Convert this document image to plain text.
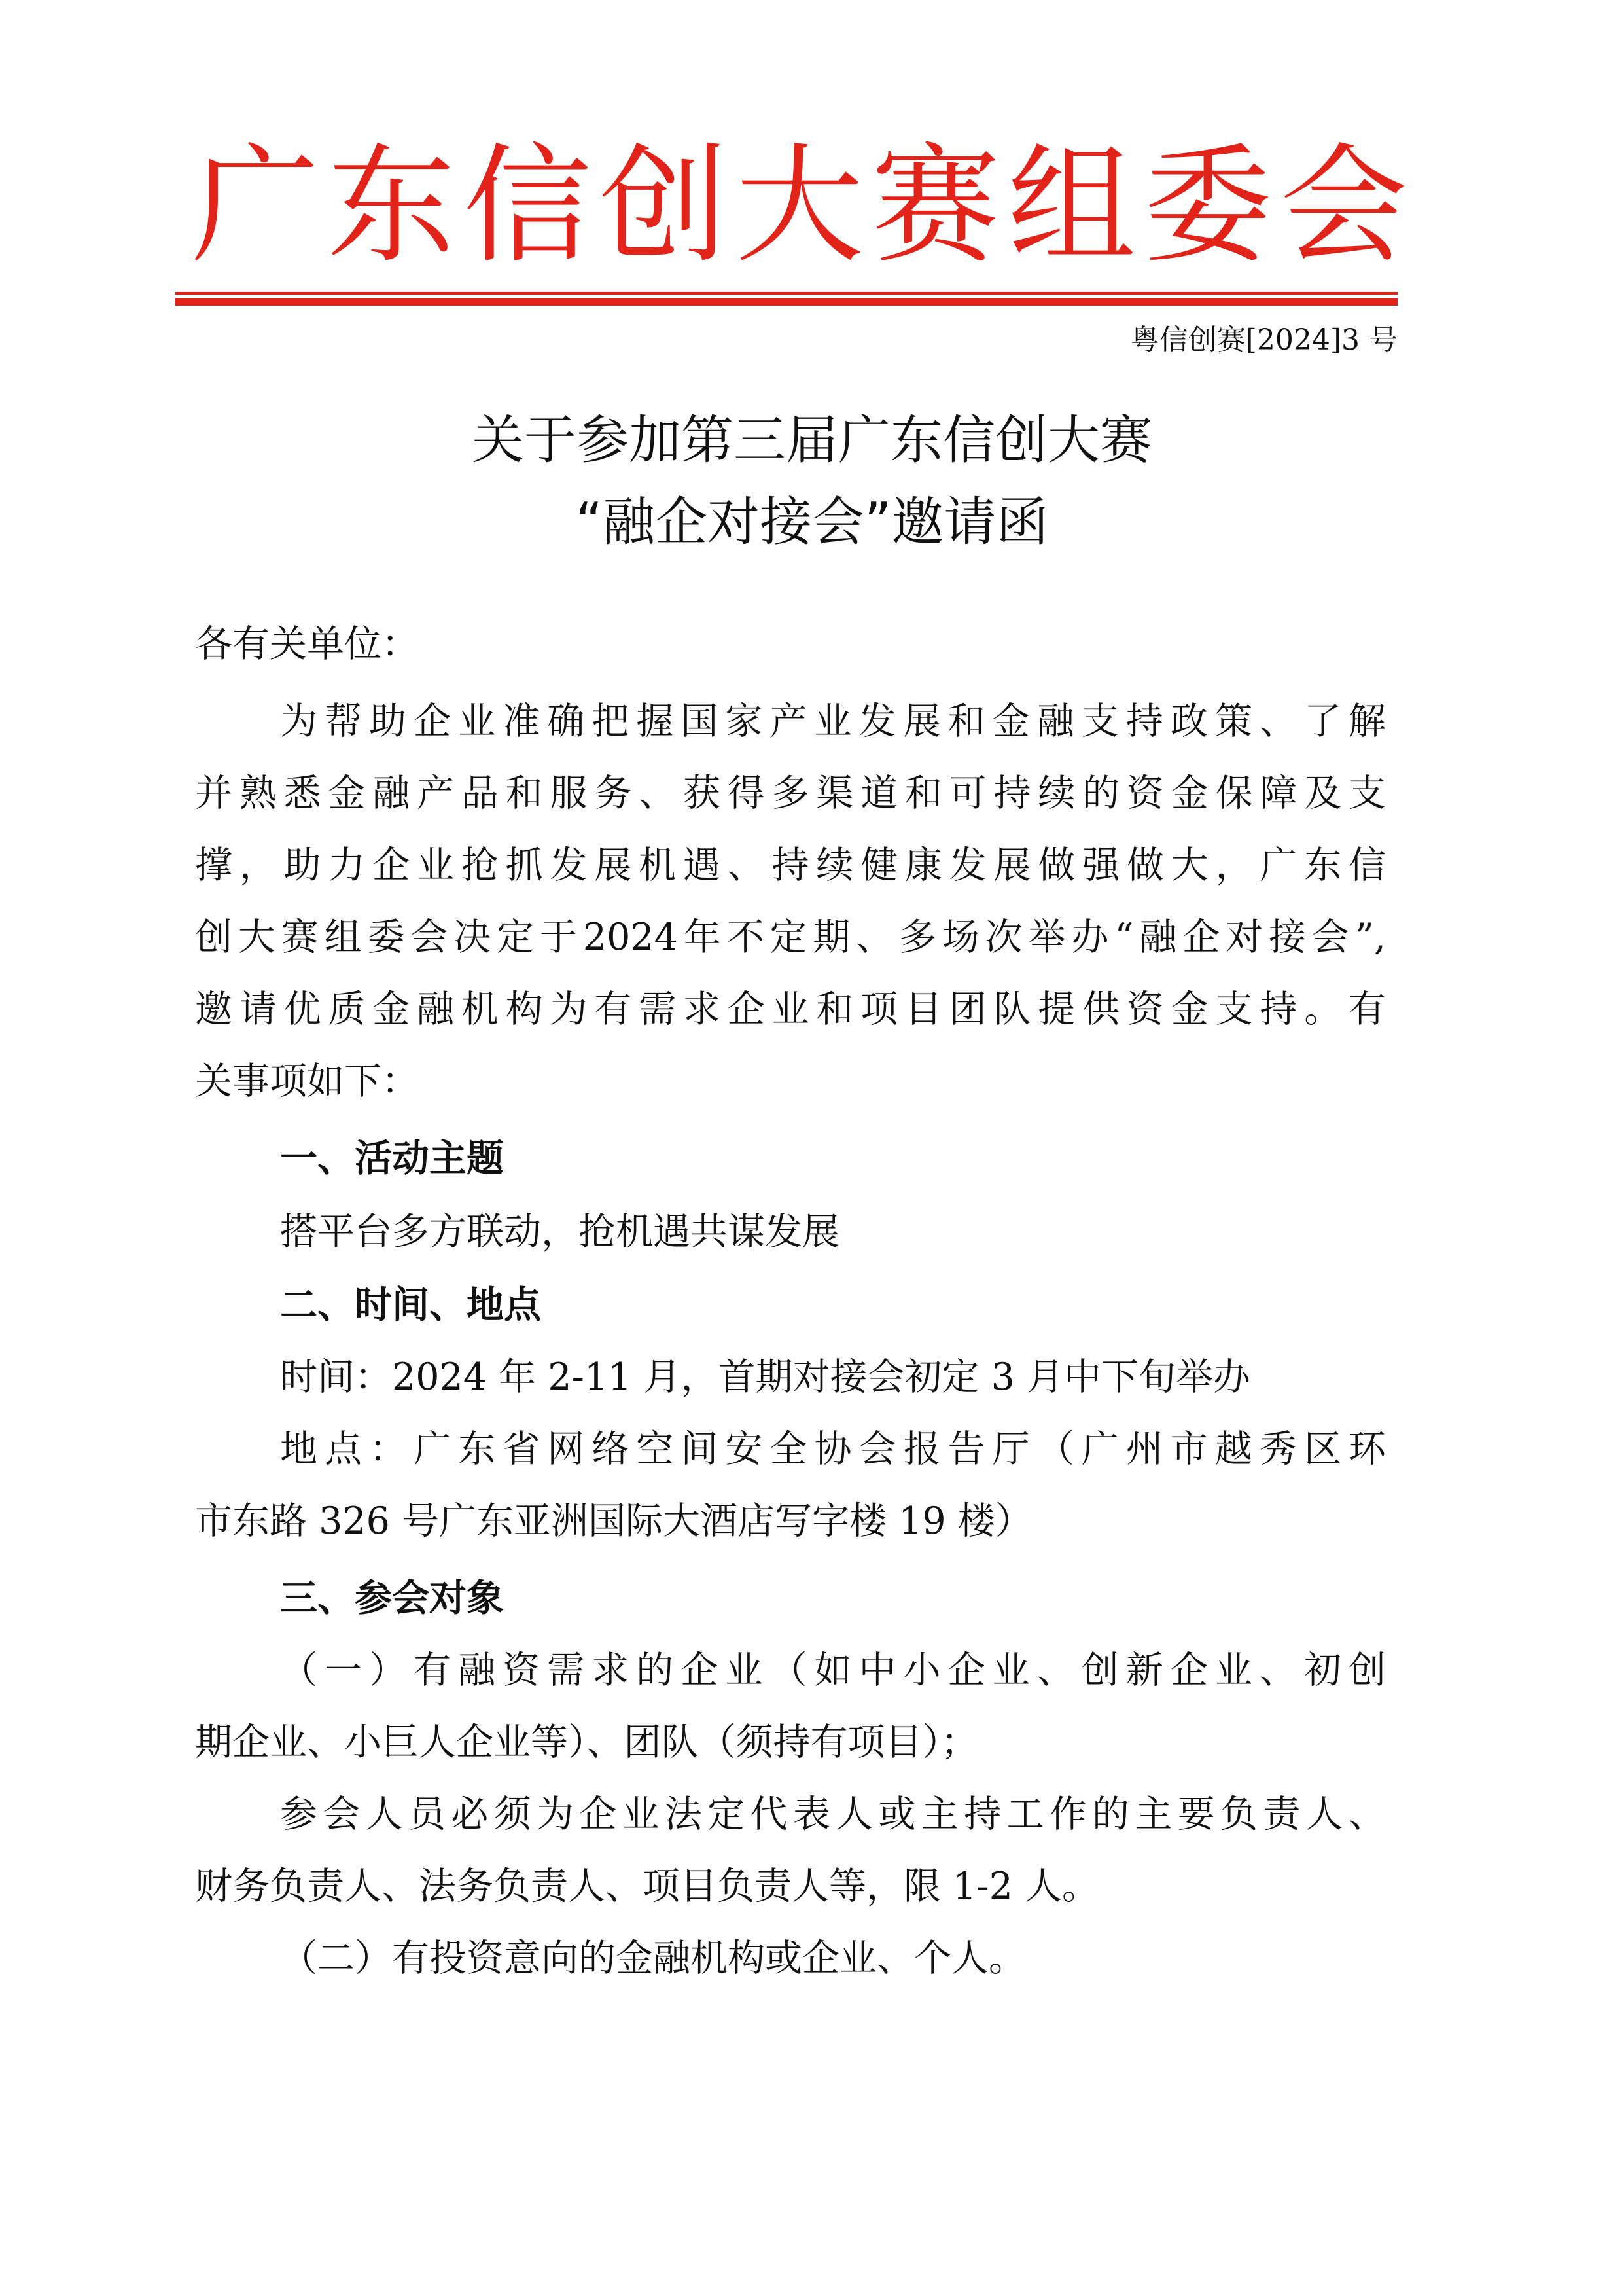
广东信创大赛组委会
粤信创赛[2024]3 号
关于参加第三届广东信创大赛
“融企对接会”邀请函

各有关单位：

为帮助企业准确把握国家产业发展和金融支持政策、了解

并熟悉金融产品和服务、获得多渠道和可持续的资金保障及支

撑，助力企业抢抓发展机遇、持续健康发展做强做大，广东信

创大赛组委会决定于2024年不定期、多场次举办“融企对接会”,

邀请优质金融机构为有需求企业和项目团队提供资金支持。有

关事项如下：

一、活动主题

搭平台多方联动，抢机遇共谋发展

二、时间、地点

时间：2024 年 2-11 月，首期对接会初定 3 月中下旬举办

地点：广东省网络空间安全协会报告厅（广州市越秀区环

市东路 326 号广东亚洲国际大酒店写字楼 19 楼）

三、参会对象

（一）有融资需求的企业（如中小企业、创新企业、初创

期企业、小巨人企业等）、团队（须持有项目）；

参会人员必须为企业法定代表人或主持工作的主要负责人、

财务负责人、法务负责人、项目负责人等，限 1-2 人。

（二）有投资意向的金融机构或企业、个人。
